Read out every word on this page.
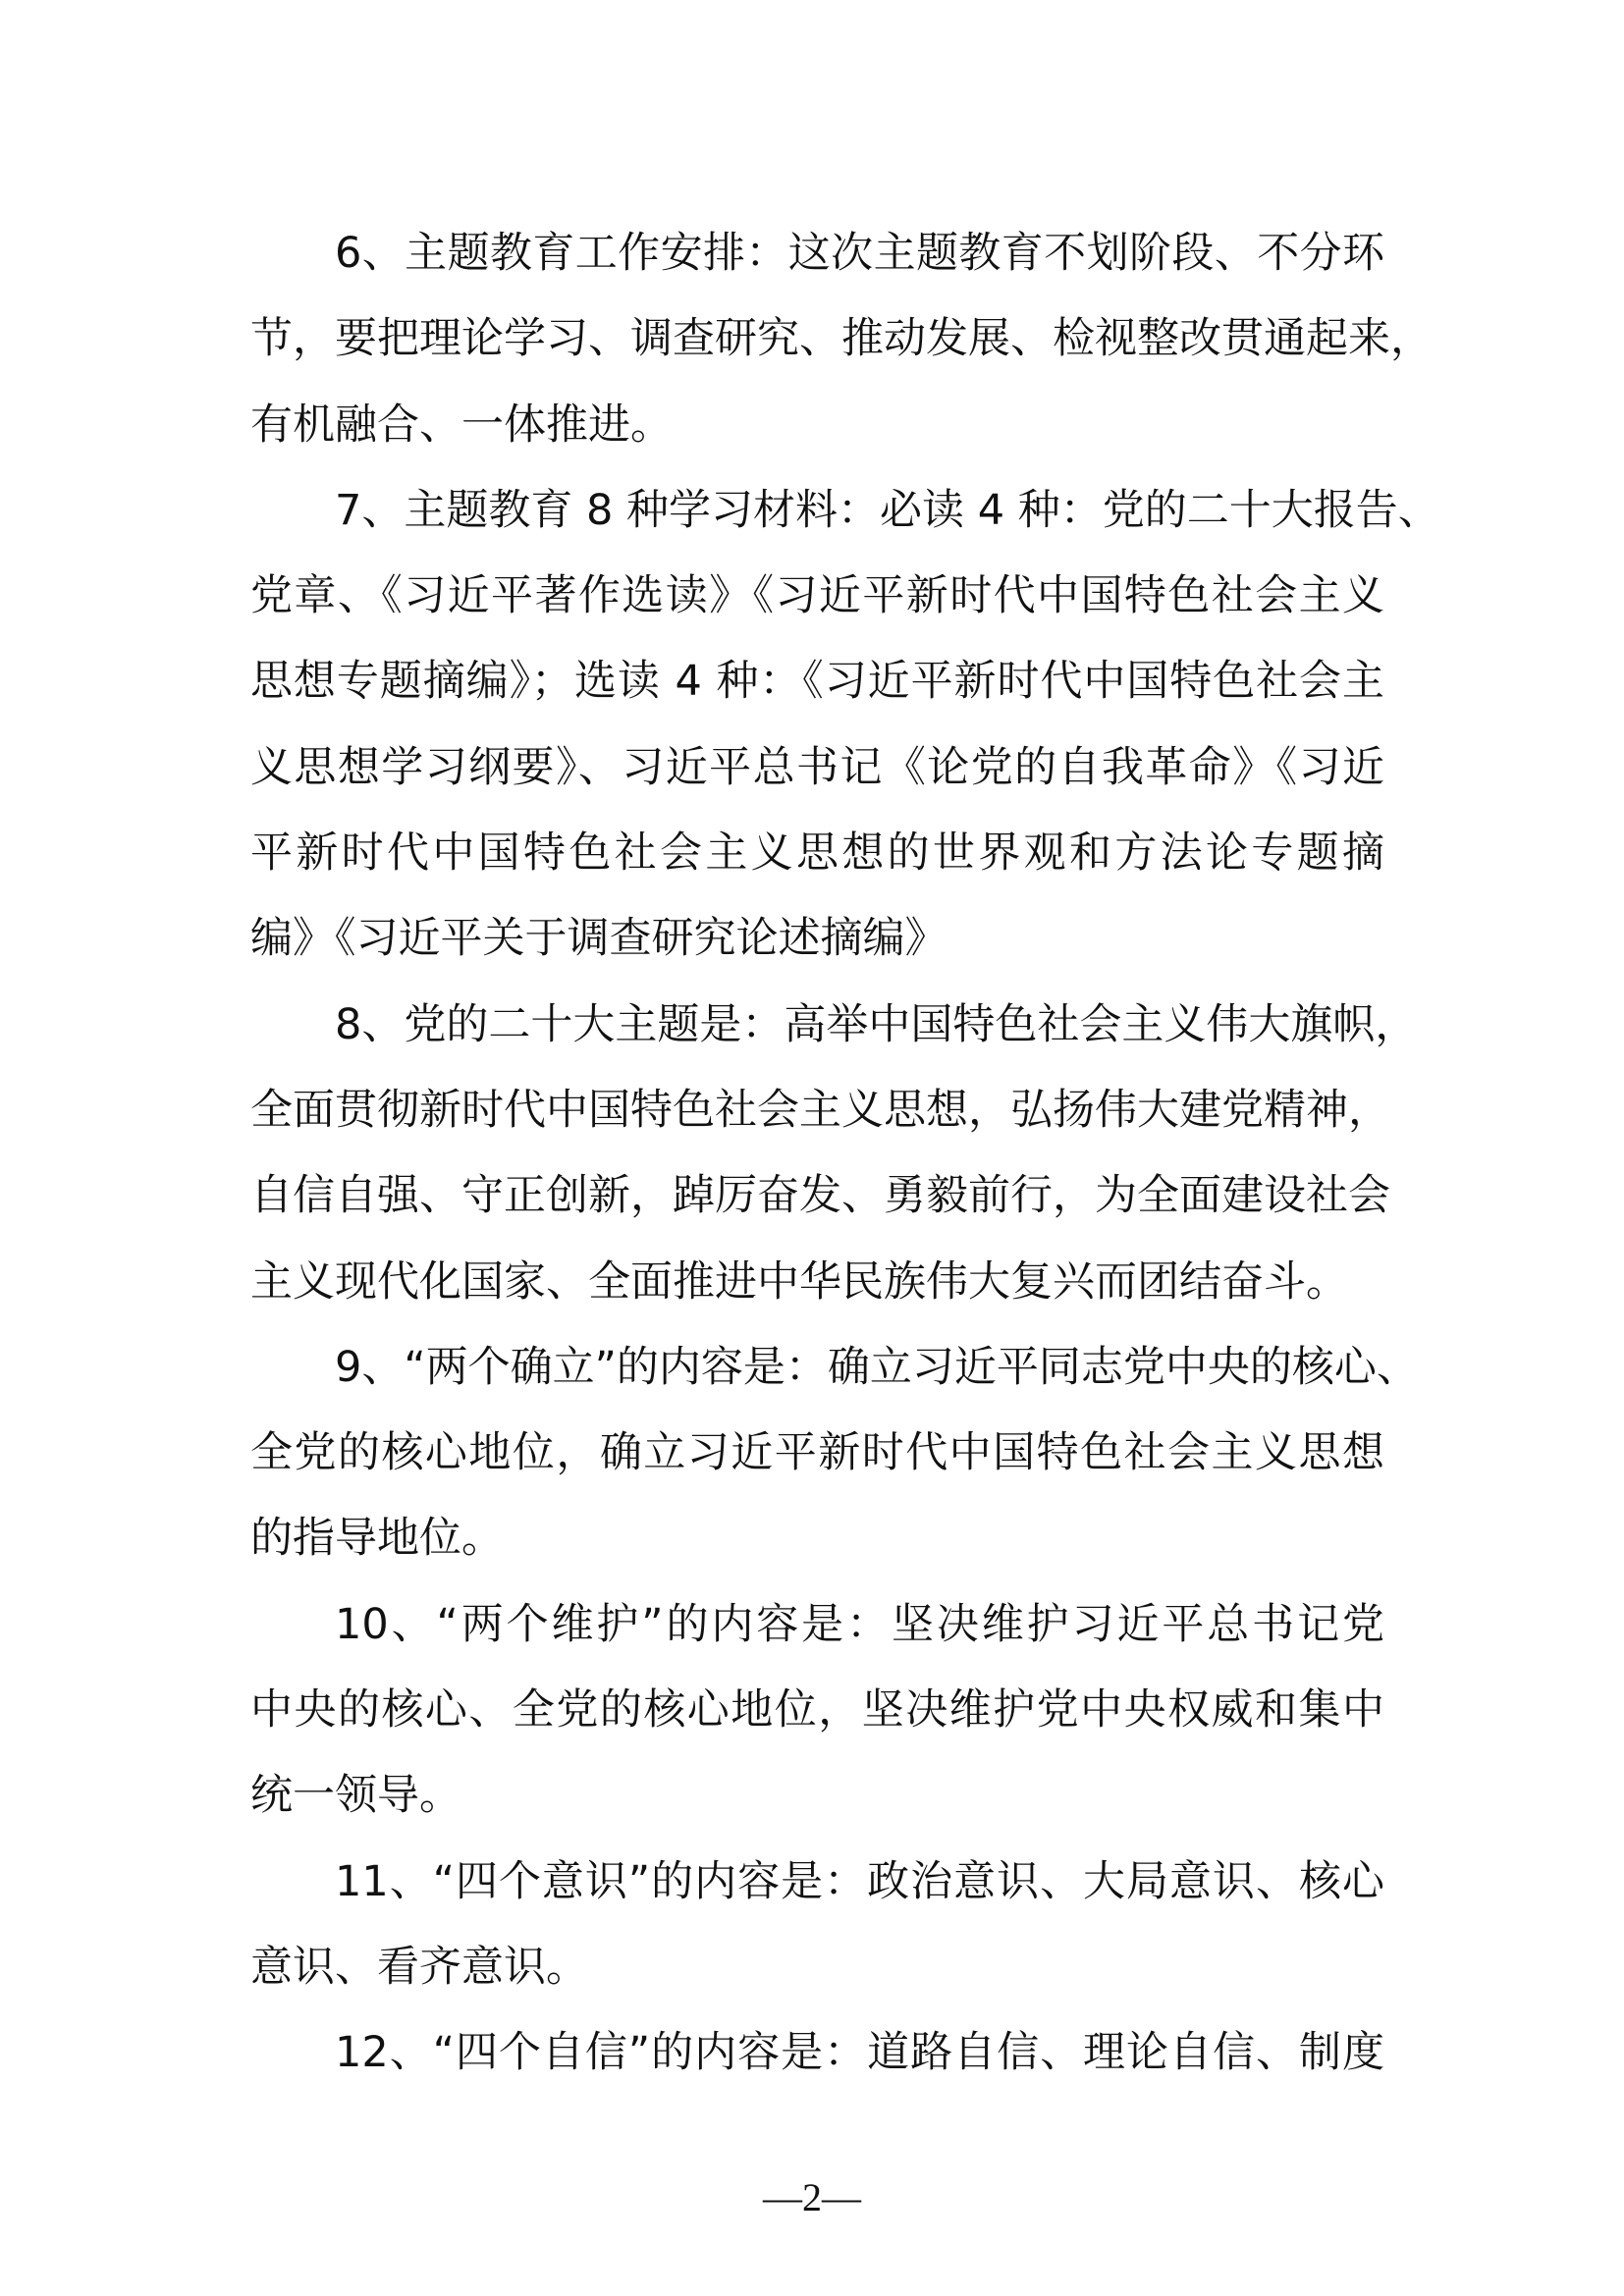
6、主题教育工作安排：这次主题教育不划阶段、不分环
节，要把理论学习、调查研究、推动发展、检视整改贯通起来，
有机融合、一体推进。
7、主题教育 8 种学习材料：必读 4 种：党的二十大报告、
党章、《习近平著作选读》《习近平新时代中国特色社会主义
思想专题摘编》；选读 4 种：《习近平新时代中国特色社会主
义思想学习纲要》、习近平总书记《论党的自我革命》《习近
平新时代中国特色社会主义思想的世界观和方法论专题摘
编》《习近平关于调查研究论述摘编》
8、党的二十大主题是：高举中国特色社会主义伟大旗帜，
全面贯彻新时代中国特色社会主义思想，弘扬伟大建党精神，
自信自强、守正创新，踔厉奋发、勇毅前行，为全面建设社会
主义现代化国家、全面推进中华民族伟大复兴而团结奋斗。
9、“两个确立”的内容是：确立习近平同志党中央的核心、
全党的核心地位，确立习近平新时代中国特色社会主义思想
的指导地位。
10、“两个维护”的内容是：坚决维护习近平总书记党
中央的核心、全党的核心地位，坚决维护党中央权威和集中
统一领导。
11、“四个意识”的内容是：政治意识、大局意识、核心
意识、看齐意识。
12、“四个自信”的内容是：道路自信、理论自信、制度
—2—
